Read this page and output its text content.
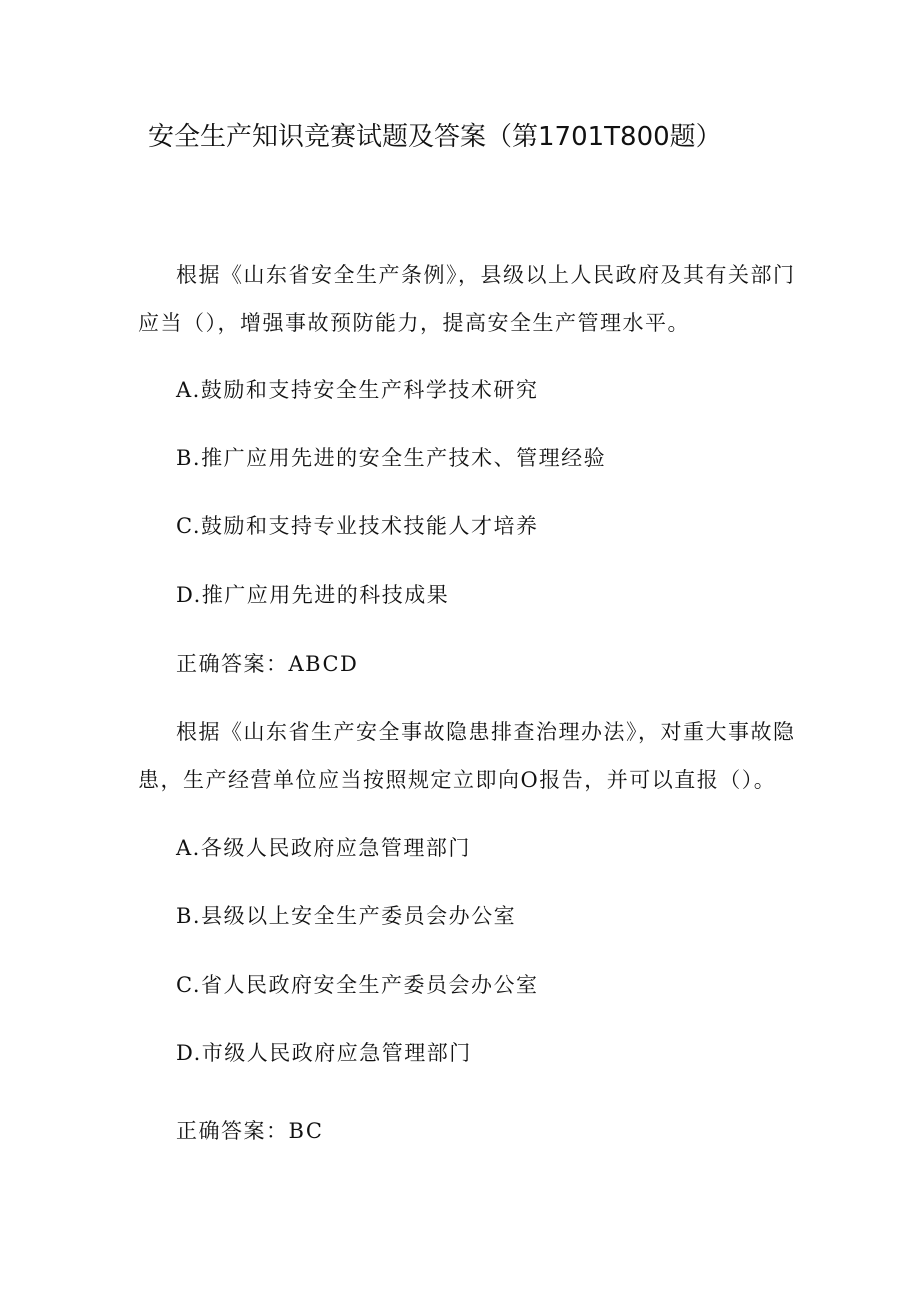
安全生产知识竞赛试题及答案（第1701T800题）
根据《山东省安全生产条例》，县级以上人民政府及其有关部门
应当（），增强事故预防能力，提高安全生产管理水平。
A.鼓励和支持安全生产科学技术研究
B.推广应用先进的安全生产技术、管理经验
C.鼓励和支持专业技术技能人才培养
D.推广应用先进的科技成果
正确答案：ABCD
根据《山东省生产安全事故隐患排查治理办法》，对重大事故隐
患，生产经营单位应当按照规定立即向O报告，并可以直报（）。
A.各级人民政府应急管理部门
B.县级以上安全生产委员会办公室
C.省人民政府安全生产委员会办公室
D.市级人民政府应急管理部门
正确答案：BC
